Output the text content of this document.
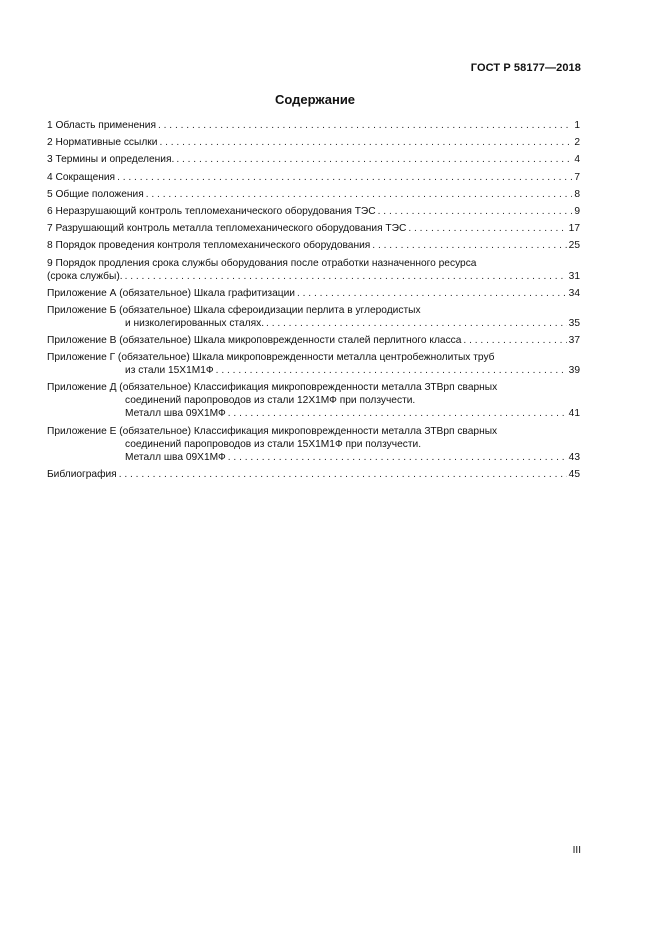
ГОСТ Р 58177—2018
Содержание
1 Область применения . . .	1
2 Нормативные ссылки . . .	2
3 Термины и определения. . . .	4
4 Сокращения . . .	7
5 Общие положения . . .	8
6 Неразрушающий контроль тепломеханического оборудования ТЭС . . .	9
7 Разрушающий контроль металла тепломеханического оборудования ТЭС . . .	17
8 Порядок проведения контроля тепломеханического оборудования . . .	25
9 Порядок продления срока службы оборудования после отработки назначенного ресурса
(срока службы). . . .	31
Приложение А (обязательное) Шкала графитизации . . .	34
Приложение Б (обязательное) Шкала сфероидизации перлита в углеродистых
и низколегированных сталях. . . .	35
Приложение В (обязательное) Шкала микроповрежденности сталей перлитного класса . . .	37
Приложение Г (обязательное) Шкала микроповрежденности металла центробежнолитых труб
из стали 15Х1М1Ф . . .	39
Приложение Д (обязательное) Классификация микроповрежденности металла ЗТВрп сварных
соединений паропроводов из стали 12Х1МФ при ползучести.
Металл шва 09Х1МФ . . .	41
Приложение Е (обязательное) Классификация микроповрежденности металла ЗТВрп сварных
соединений паропроводов из стали 15Х1М1Ф при ползучести.
Металл шва 09Х1МФ . . .	43
Библиография . . .	45
III
